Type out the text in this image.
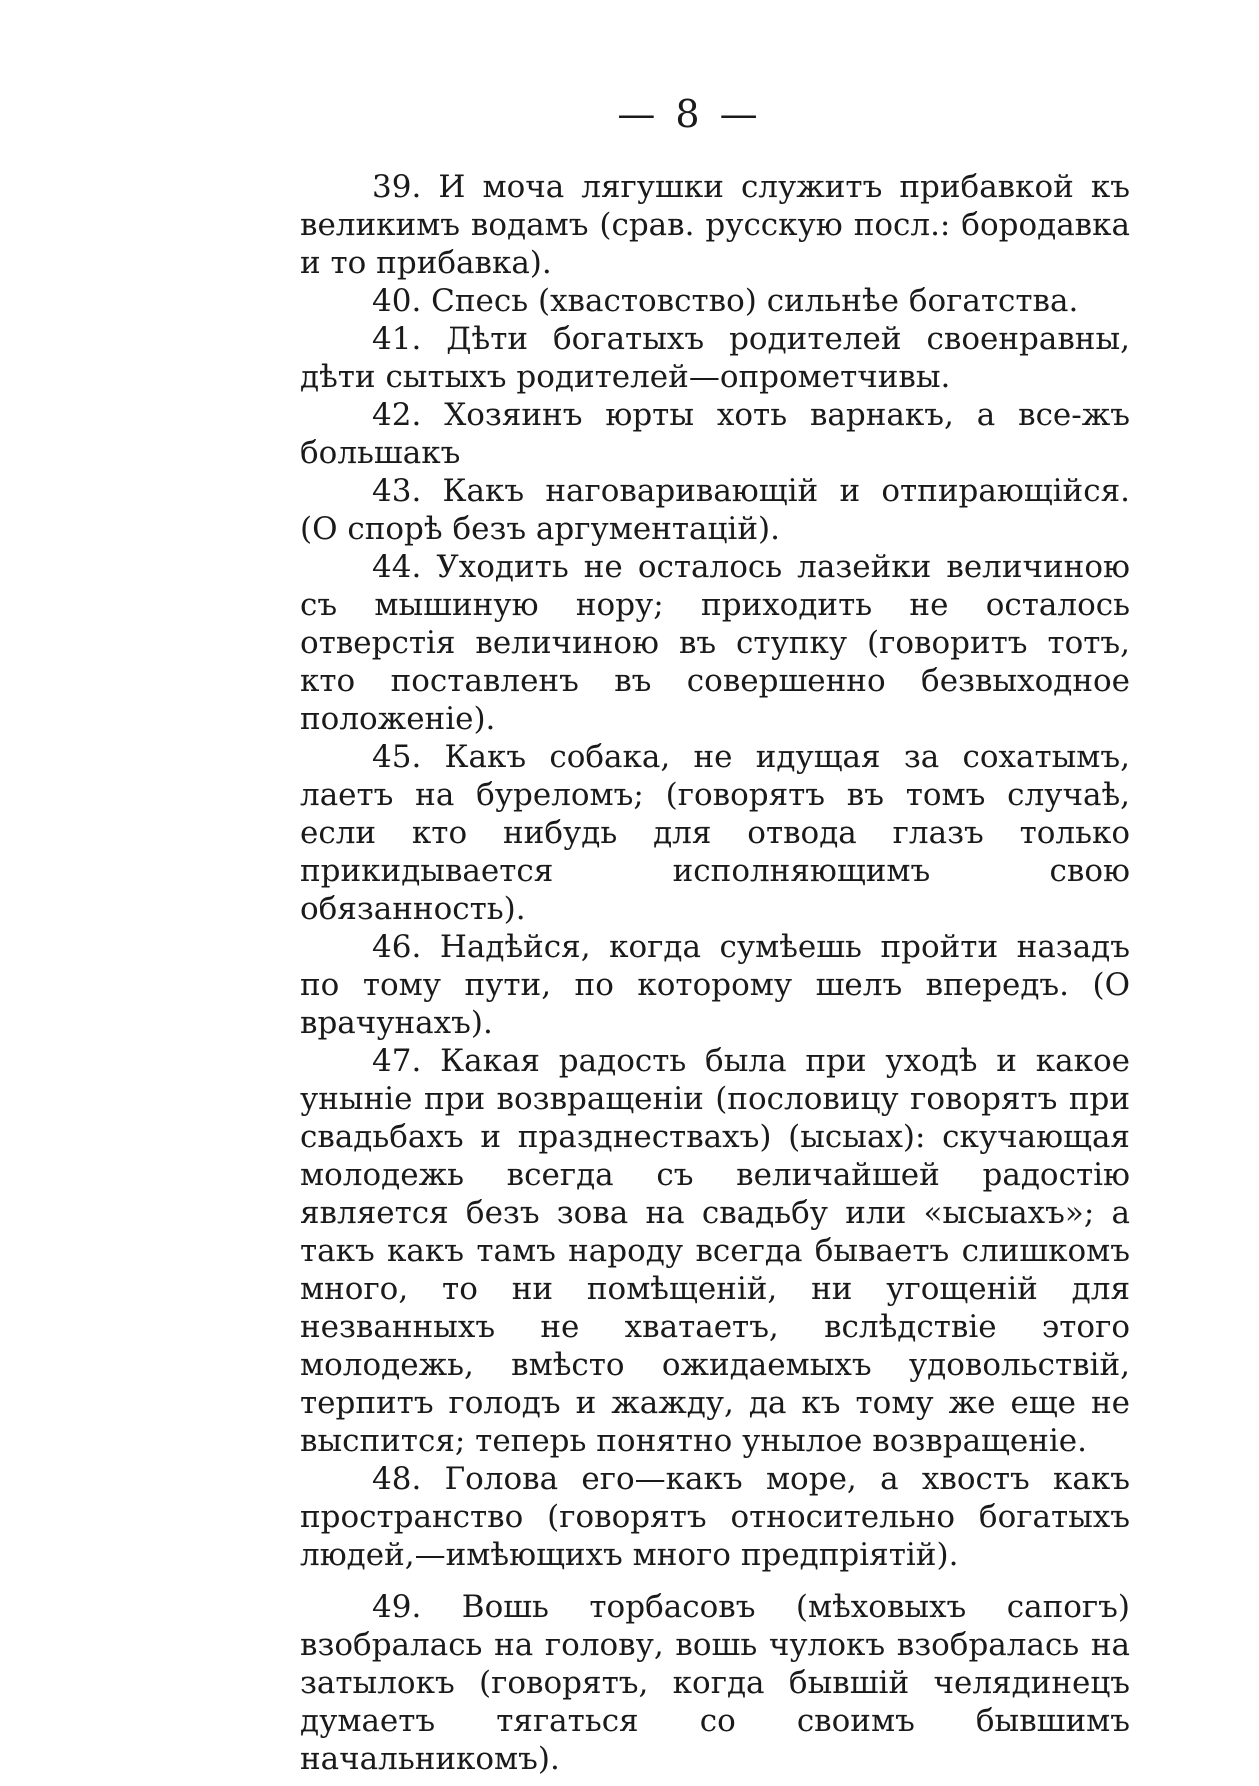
— 8 —

39. И моча лягушки служитъ прибавкой къ великимъ водамъ (срав. русскую посл.: бородавка и то прибавка).

40. Спесь (хвастовство) сильнѣе богатства.

41. Дѣти богатыхъ родителей своенравны, дѣти сытыхъ родителей—опрометчивы.

42. Хозяинъ юрты хоть варнакъ, а все-жъ большакъ

43. Какъ наговаривающій и отпирающійся. (О спорѣ безъ аргументацій).

44. Уходить не осталось лазейки величиною съ мышиную нору; приходить не осталось отверстія величиною въ ступку (говоритъ тотъ, кто поставленъ въ совершенно безвыходное положеніе).

45. Какъ собака, не идущая за сохатымъ, лаетъ на буреломъ; (говорятъ въ томъ случаѣ, если кто нибудь для отвода глазъ только прикидывается исполняющимъ свою обязанность).

46. Надѣйся, когда сумѣешь пройти назадъ по тому пути, по которому шелъ впередъ. (О врачунахъ).

47. Какая радость была при уходѣ и какое уныніе при возвращеніи (пословицу говорятъ при свадьбахъ и празднествахъ) (ысыах): скучающая молодежь всегда съ величайшей радостію является безъ зова на свадьбу или «ысыахъ»; а такъ какъ тамъ народу всегда бываетъ слишкомъ много, то ни помѣщеній, ни угощеній для незванныхъ не хватаетъ, вслѣдствіе этого молодежь, вмѣсто ожидаемыхъ удовольствій, терпитъ голодъ и жажду, да къ тому же еще не выспится; теперь понятно унылое возвращеніе.

48. Голова его—какъ море, а хвостъ какъ пространство (говорятъ относительно богатыхъ людей,—имѣющихъ много предпріятій).

49. Вошь торбасовъ (мѣховыхъ сапогъ) взобралась на голову, вошь чулокъ взобралась на затылокъ (говорятъ, когда бывшій челядинецъ думаетъ тягаться со своимъ бывшимъ начальникомъ).
